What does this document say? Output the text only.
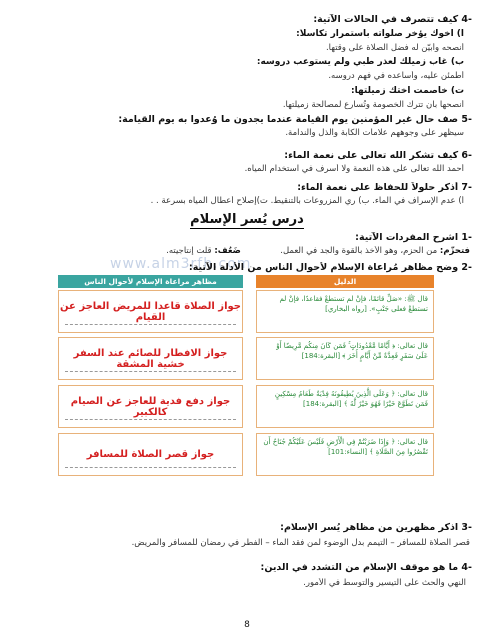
-4 كيف تتصرف في الحالات الآتية:
أ) أخوك يؤخر صلواته باستمرار تكاسلاً:
أنصحه وأبيّن له فضل الصلاة على وقتها.
ب) غاب زميلك لعذر طبي ولم يستوعب دروسه:
أطمئن عليه، وأساعده في فهم دروسه.
ت) خاصمت أختك زميلتها:
أنصحها بأن تترك الخصومة وتُسارع لمصالحة زميلتها.
-5 صف حال غير المؤمنين يوم القيامة عندما يجدون ما وُعدوا به يوم القيامة:
سيظهر على وجوههم علامات الكآبة والذل والندامة.
-6 كيف تشكر الله تعالى على نعمة الماء:
أحمد الله تعالى على هذه النعمة ولا أسرف في استخدام المياه.
-7 أذكر حلولاً للحفاظ على نعمة الماء:
أ) عدم الإسراف في الماء. ب) ري المزروعات بالتنقيط. ت)إصلاح أعطال المياه بسرعة . .
درس يُسر الإسلام
-1 اشرح المفردات الآتية:
فتحزّم: من الحزم، وهو الأخذ بالقوة والجد في العمل.  ضَعُف: قلت إنتاجيته.
www.alm3rfh.com	-2 وضح مظاهر مُراعاة الإسلام لأحوال الناس من الأدلة الآتية:
مظاهر مراعاة الإسلام لأحوال الناس	الدليل
جواز الصلاة قاعدا للمريض العاجز عن القيام
قال ﷺ: «صَلِّ قائمًا، فإنْ لم تستطعْ فقاعدًا، فإنْ لم تستطعْ فعلى جَنْبٍ». [رواه البخاري]
جواز الافطار للصائم عند السفر خشية المشقة
قال تعالى: ﴿ أَيَّامًا مَّعْدُودَاتٍ ۚ فَمَن كَانَ مِنكُم مَّرِيضًا أَوْ عَلَىٰ سَفَرٍ فَعِدَّةٌ مِّنْ أَيَّامٍ أُخَرَ ﴾ [البقرة:184]
جواز دفع فدية للعاجز عن الصيام كالكبير
قال تعالى: ﴿ وَعَلَى الَّذِينَ يُطِيقُونَهُ فِدْيَةٌ طَعَامُ مِسْكِينٍ فَمَن تَطَوَّعَ خَيْرًا فَهُوَ خَيْرٌ لَّهُ ﴾ [البقرة:184]
جواز قصر الصلاة للمسافر
قال تعالى: ﴿ وَإِذَا ضَرَبْتُمْ فِي الْأَرْضِ فَلَيْسَ عَلَيْكُمْ جُنَاحٌ أَن تَقْصُرُوا مِنَ الصَّلَاةِ ﴾ [النساء:101]
-3 اذكر مظهرين من مظاهر يُسر الإسلام:
قصر الصلاة للمسافر – التيمم بدل الوضوء لمن فقد الماء – الفطر في رمضان للمسافر والمريض.
-4 ما هو موقف الإسلام من التشدد في الدين:
النهي والحث على التيسير والتوسط في الأمور.
8
